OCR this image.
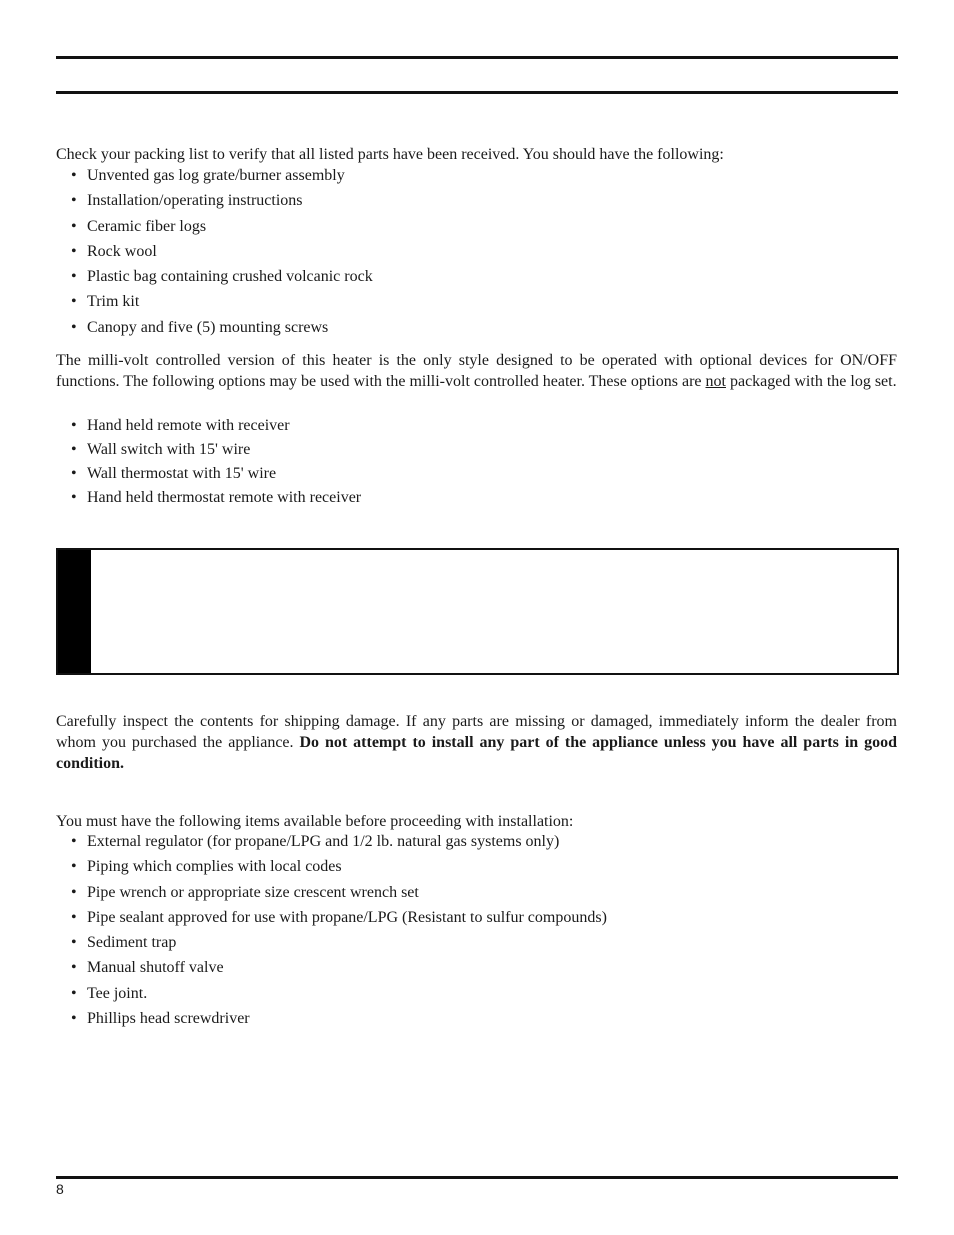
Check your packing list to verify that all listed parts have been received. You should have the following:

• Unvented gas log grate/burner assembly
• Installation/operating instructions
• Ceramic fiber logs
• Rock wool
• Plastic bag containing crushed volcanic rock
• Trim kit
• Canopy and five (5) mounting screws

The milli-volt controlled version of this heater is the only style designed to be operated with optional devices for ON/OFF functions. The following options may be used with the milli-volt controlled heater. These options are not packaged with the log set.

• Hand held remote with receiver
• Wall switch with 15' wire
• Wall thermostat with 15' wire
• Hand held thermostat remote with receiver

Carefully inspect the contents for shipping damage. If any parts are missing or damaged, immediately inform the dealer from whom you purchased the appliance. Do not attempt to install any part of the appliance unless you have all parts in good condition.

You must have the following items available before proceeding with installation:

• External regulator (for propane/LPG and 1/2 lb. natural gas systems only)
• Piping which complies with local codes
• Pipe wrench or appropriate size crescent wrench set
• Pipe sealant approved for use with propane/LPG (Resistant to sulfur compounds)
• Sediment trap
• Manual shutoff valve
• Tee joint.
• Phillips head screwdriver
8
